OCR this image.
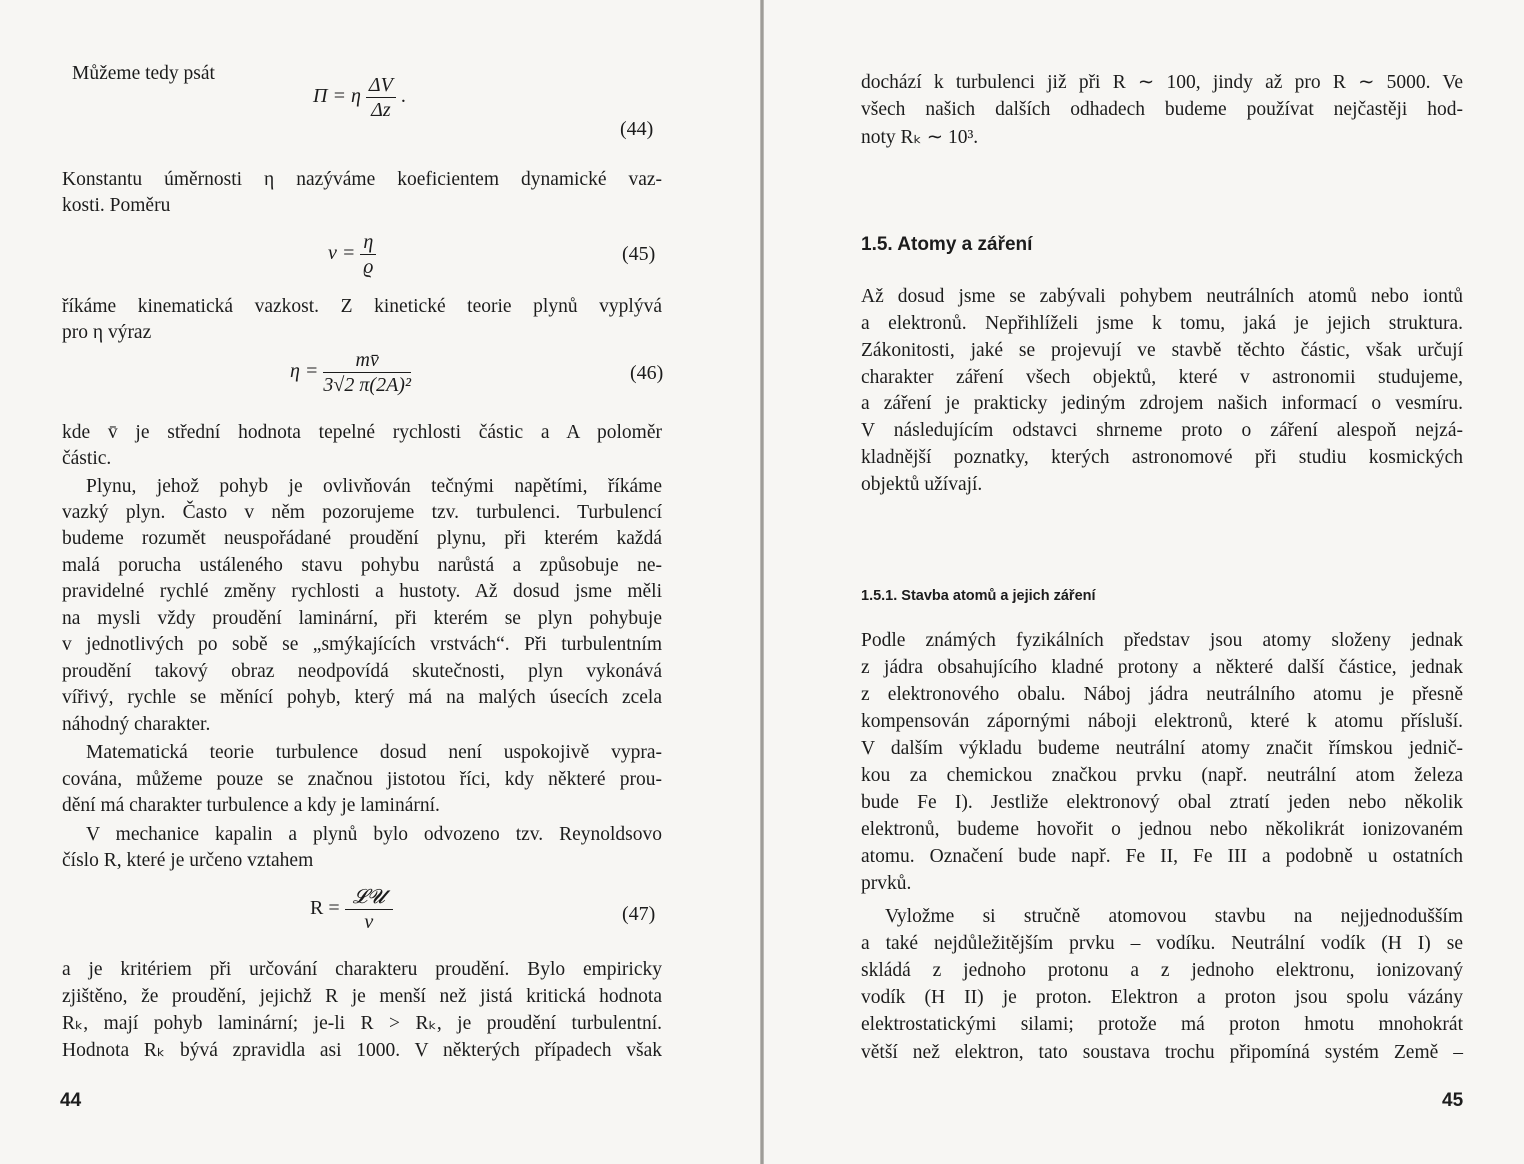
Můžeme tedy psát
Π = η $\frac{\Delta V}{\Delta z}$ .
(44)
Konstantu úměrnosti η nazýváme koeficientem dynamické vaz-
kosti. Poměru
$\nu = \frac{\eta}{ϱ}$	(45)
říkáme kinematická vazkost. Z kinetické teorie plynů vyplývá
pro η výraz
$\eta = \frac{mv̄}{\text{3√2 π(2A)²}}$	(46)
kde v̄ je střední hodnota tepelné rychlosti částic a A poloměr
částic.
Plynu, jehož pohyb je ovlivňován tečnými napětími, říkáme
vazký plyn. Často v něm pozorujeme tzv. turbulenci. Turbulencí
budeme rozumět neuspořádané proudění plynu, při kterém každá
malá porucha ustáleného stavu pohybu narůstá a způsobuje ne-
pravidelné rychlé změny rychlosti a hustoty. Až dosud jsme měli
na mysli vždy proudění laminární, při kterém se plyn pohybuje
v jednotlivých po sobě se „smýkajících vrstvách“. Při turbulentním
proudění takový obraz neodpovídá skutečnosti, plyn vykonává
vířivý, rychle se měnící pohyb, který má na malých úsecích zcela
náhodný charakter.
Matematická teorie turbulence dosud není uspokojivě vypra-
cována, můžeme pouze se značnou jistotou říci, kdy některé prou-
dění má charakter turbulence a kdy je laminární.
V mechanice kapalin a plynů bylo odvozeno tzv. Reynoldsovo
číslo R, které je určeno vztahem
$R = \frac{\text{𝓛𝓤}}{\nu}$	(47)
a je kritériem při určování charakteru proudění. Bylo empiricky
zjištěno, že proudění, jejichž R je menší než jistá kritická hodnota
Rₖ, mají pohyb laminární; je-li R > Rₖ, je proudění turbulentní.
Hodnota Rₖ bývá zpravidla asi 1000. V některých případech však
44
dochází k turbulenci již při R ∼ 100, jindy až pro R ∼ 5000. Ve
všech našich dalších odhadech budeme používat nejčastěji hod-
noty Rₖ ∼ 10³.
1.5. Atomy a záření
Až dosud jsme se zabývali pohybem neutrálních atomů nebo iontů
a elektronů. Nepřihlíželi jsme k tomu, jaká je jejich struktura.
Zákonitosti, jaké se projevují ve stavbě těchto částic, však určují
charakter záření všech objektů, které v astronomii studujeme,
a záření je prakticky jediným zdrojem našich informací o vesmíru.
V následujícím odstavci shrneme proto o záření alespoň nejzá-
kladnější poznatky, kterých astronomové při studiu kosmických
objektů užívají.
1.5.1. Stavba atomů a jejich záření
Podle známých fyzikálních představ jsou atomy složeny jednak
z jádra obsahujícího kladné protony a některé další částice, jednak
z elektronového obalu. Náboj jádra neutrálního atomu je přesně
kompensován zápornými náboji elektronů, které k atomu přísluší.
V dalším výkladu budeme neutrální atomy značit římskou jednič-
kou za chemickou značkou prvku (např. neutrální atom železa
bude Fe I). Jestliže elektronový obal ztratí jeden nebo několik
elektronů, budeme hovořit o jednou nebo několikrát ionizovaném
atomu. Označení bude např. Fe II, Fe III a podobně u ostatních
prvků.
Vyložme si stručně atomovou stavbu na nejjednodušším
a také nejdůležitějším prvku – vodíku. Neutrální vodík (H I) se
skládá z jednoho protonu a z jednoho elektronu, ionizovaný
vodík (H II) je proton. Elektron a proton jsou spolu vázány
elektrostatickými silami; protože má proton hmotu mnohokrát
větší než elektron, tato soustava trochu připomíná systém Země –
45
